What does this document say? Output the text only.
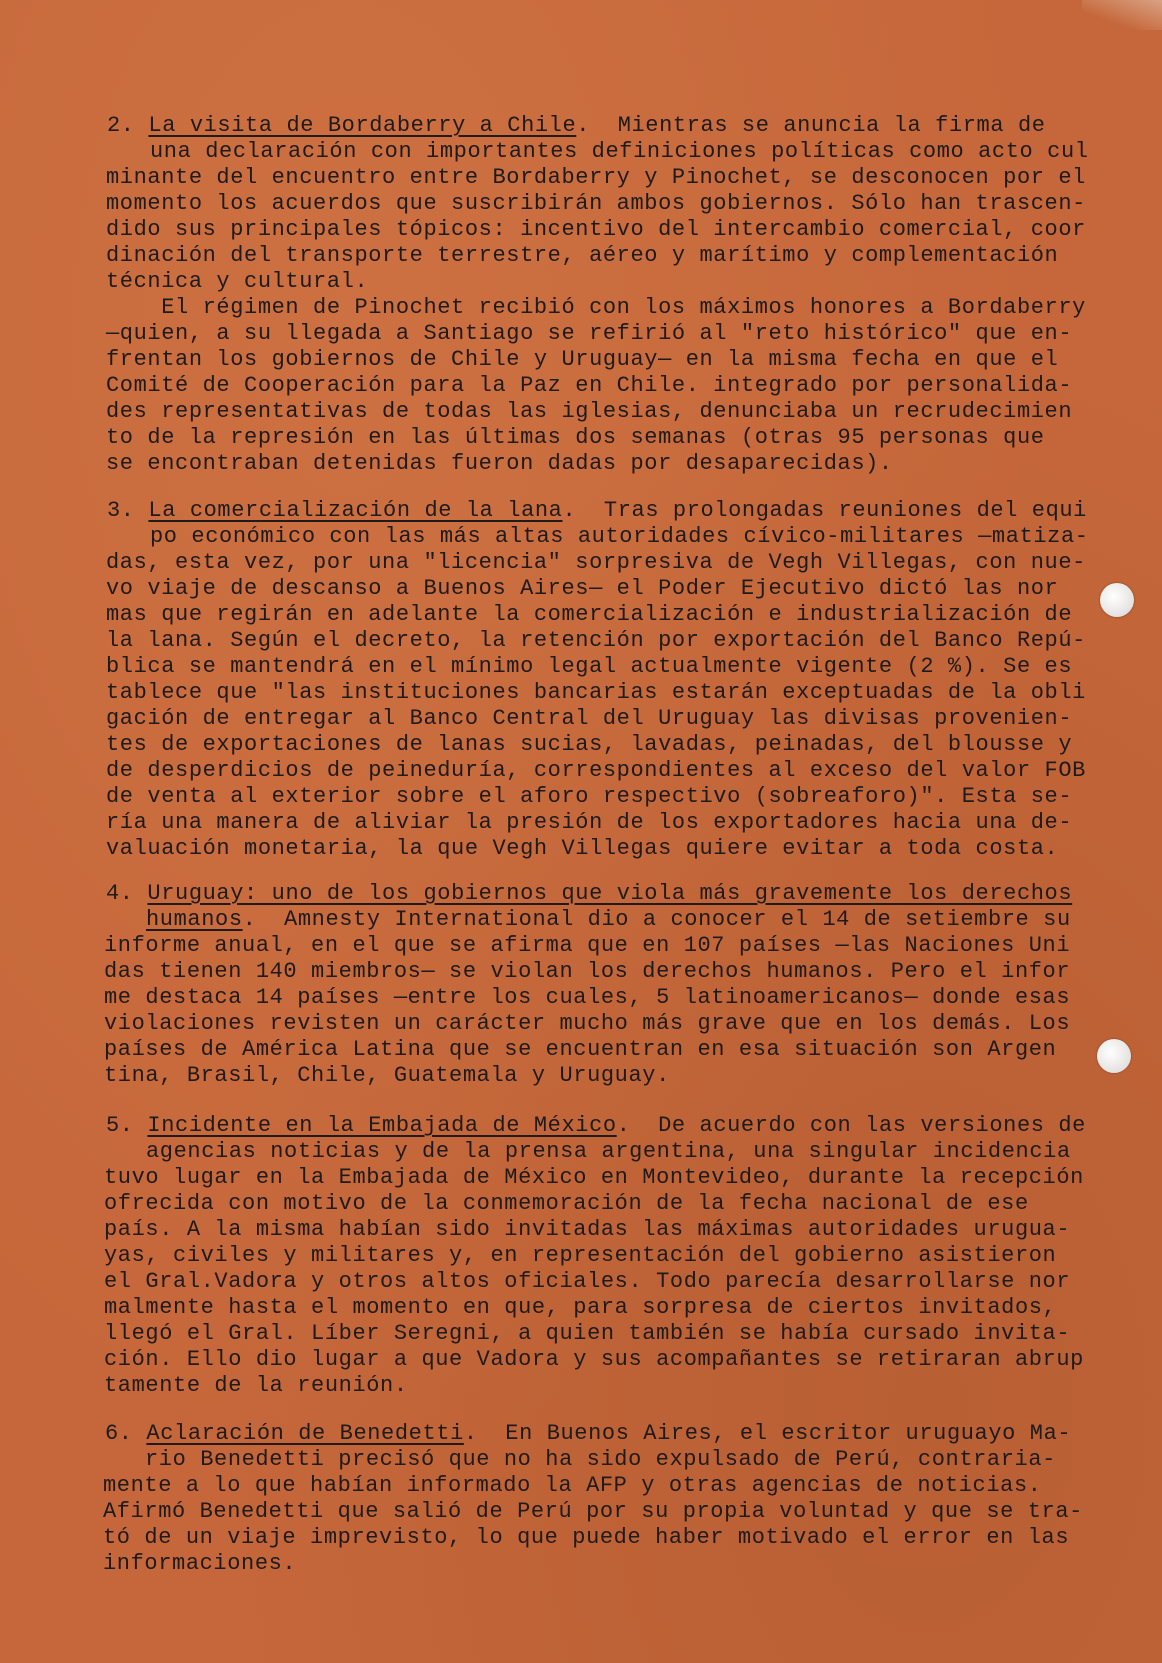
2. La visita de Bordaberry a Chile.  Mientras se anuncia la firma de
una declaración con importantes definiciones políticas como acto cul
minante del encuentro entre Bordaberry y Pinochet, se desconocen por el
momento los acuerdos que suscribirán ambos gobiernos. Sólo han trascen-
dido sus principales tópicos: incentivo del intercambio comercial, coor
dinación del transporte terrestre, aéreo y marítimo y complementación
técnica y cultural.
El régimen de Pinochet recibió con los máximos honores a Bordaberry
—quien, a su llegada a Santiago se refirió al "reto histórico" que en-
frentan los gobiernos de Chile y Uruguay— en la misma fecha en que el
Comité de Cooperación para la Paz en Chile. integrado por personalida-
des representativas de todas las iglesias, denunciaba un recrudecimien
to de la represión en las últimas dos semanas (otras 95 personas que
se encontraban detenidas fueron dadas por desaparecidas).
3. La comercialización de la lana.  Tras prolongadas reuniones del equi
po económico con las más altas autoridades cívico-militares —matiza-
das, esta vez, por una "licencia" sorpresiva de Vegh Villegas, con nue-
vo viaje de descanso a Buenos Aires— el Poder Ejecutivo dictó las nor
mas que regirán en adelante la comercialización e industrialización de
la lana. Según el decreto, la retención por exportación del Banco Repú-
blica se mantendrá en el mínimo legal actualmente vigente (2 %). Se es
tablece que "las instituciones bancarias estarán exceptuadas de la obli
gación de entregar al Banco Central del Uruguay las divisas provenien-
tes de exportaciones de lanas sucias, lavadas, peinadas, del blousse y
de desperdicios de peineduría, correspondientes al exceso del valor FOB
de venta al exterior sobre el aforo respectivo (sobreaforo)". Esta se-
ría una manera de aliviar la presión de los exportadores hacia una de-
valuación monetaria, la que Vegh Villegas quiere evitar a toda costa.
4. Uruguay: uno de los gobiernos que viola más gravemente los derechos
humanos.  Amnesty International dio a conocer el 14 de setiembre su
informe anual, en el que se afirma que en 107 países —las Naciones Uni
das tienen 140 miembros— se violan los derechos humanos. Pero el infor
me destaca 14 países —entre los cuales, 5 latinoamericanos— donde esas
violaciones revisten un carácter mucho más grave que en los demás. Los
países de América Latina que se encuentran en esa situación son Argen
tina, Brasil, Chile, Guatemala y Uruguay.
5. Incidente en la Embajada de México.  De acuerdo con las versiones de
agencias noticias y de la prensa argentina, una singular incidencia
tuvo lugar en la Embajada de México en Montevideo, durante la recepción
ofrecida con motivo de la conmemoración de la fecha nacional de ese
país. A la misma habían sido invitadas las máximas autoridades urugua-
yas, civiles y militares y, en representación del gobierno asistieron
el Gral.Vadora y otros altos oficiales. Todo parecía desarrollarse nor
malmente hasta el momento en que, para sorpresa de ciertos invitados,
llegó el Gral. Líber Seregni, a quien también se había cursado invita-
ción. Ello dio lugar a que Vadora y sus acompañantes se retiraran abrup
tamente de la reunión.
6. Aclaración de Benedetti.  En Buenos Aires, el escritor uruguayo Ma-
rio Benedetti precisó que no ha sido expulsado de Perú, contraria-
mente a lo que habían informado la AFP y otras agencias de noticias.
Afirmó Benedetti que salió de Perú por su propia voluntad y que se tra-
tó de un viaje imprevisto, lo que puede haber motivado el error en las
informaciones.
